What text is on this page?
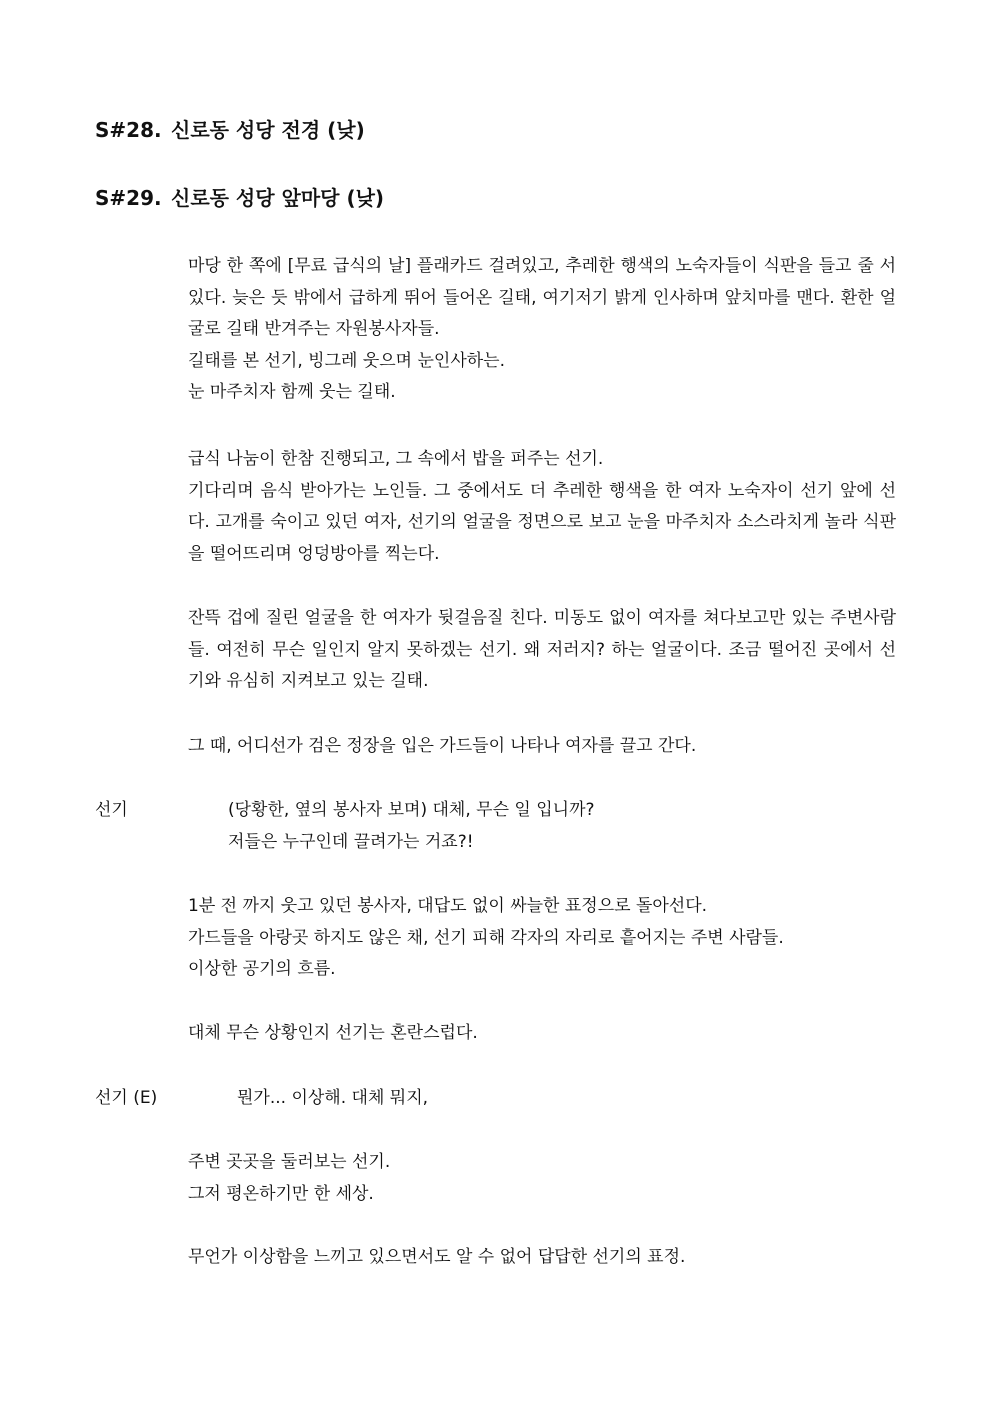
S#28. 신로동 성당 전경 (낮)
S#29. 신로동 성당 앞마당 (낮)

마당 한 쪽에 [무료 급식의 날] 플래카드 걸려있고, 추레한 행색의 노숙자들이 식판을 들고 줄 서 있다. 늦은 듯 밖에서 급하게 뛰어 들어온 길태, 여기저기 밝게 인사하며 앞치마를 맨다. 환한 얼굴로 길태 반겨주는 자원봉사자들.

길태를 본 선기, 빙그레 웃으며 눈인사하는.

눈 마주치자 함께 웃는 길태.

급식 나눔이 한참 진행되고, 그 속에서 밥을 퍼주는 선기.

기다리며 음식 받아가는 노인들. 그 중에서도 더 추레한 행색을 한 여자 노숙자이 선기 앞에 선다. 고개를 숙이고 있던 여자, 선기의 얼굴을 정면으로 보고 눈을 마주치자 소스라치게 놀라 식판을 떨어뜨리며 엉덩방아를 찍는다.

잔뜩 겁에 질린 얼굴을 한 여자가 뒷걸음질 친다. 미동도 없이 여자를 쳐다보고만 있는 주변사람들. 여전히 무슨 일인지 알지 못하겠는 선기. 왜 저러지? 하는 얼굴이다. 조금 떨어진 곳에서 선기와 유심히 지켜보고 있는 길태.

그 때, 어디선가 검은 정장을 입은 가드들이 나타나 여자를 끌고 간다.

선기	(당황한, 옆의 봉사자 보며) 대체, 무슨 일 입니까?

저들은 누구인데 끌려가는 거죠?!

1분 전 까지 웃고 있던 봉사자, 대답도 없이 싸늘한 표정으로 돌아선다.

가드들을 아랑곳 하지도 않은 채, 선기 피해 각자의 자리로 흩어지는 주변 사람들.

이상한 공기의 흐름.

대체 무슨 상황인지 선기는 혼란스럽다.

선기 (E)	뭔가... 이상해. 대체 뭐지,

주변 곳곳을 둘러보는 선기.

그저 평온하기만 한 세상.

무언가 이상함을 느끼고 있으면서도 알 수 없어 답답한 선기의 표정.
